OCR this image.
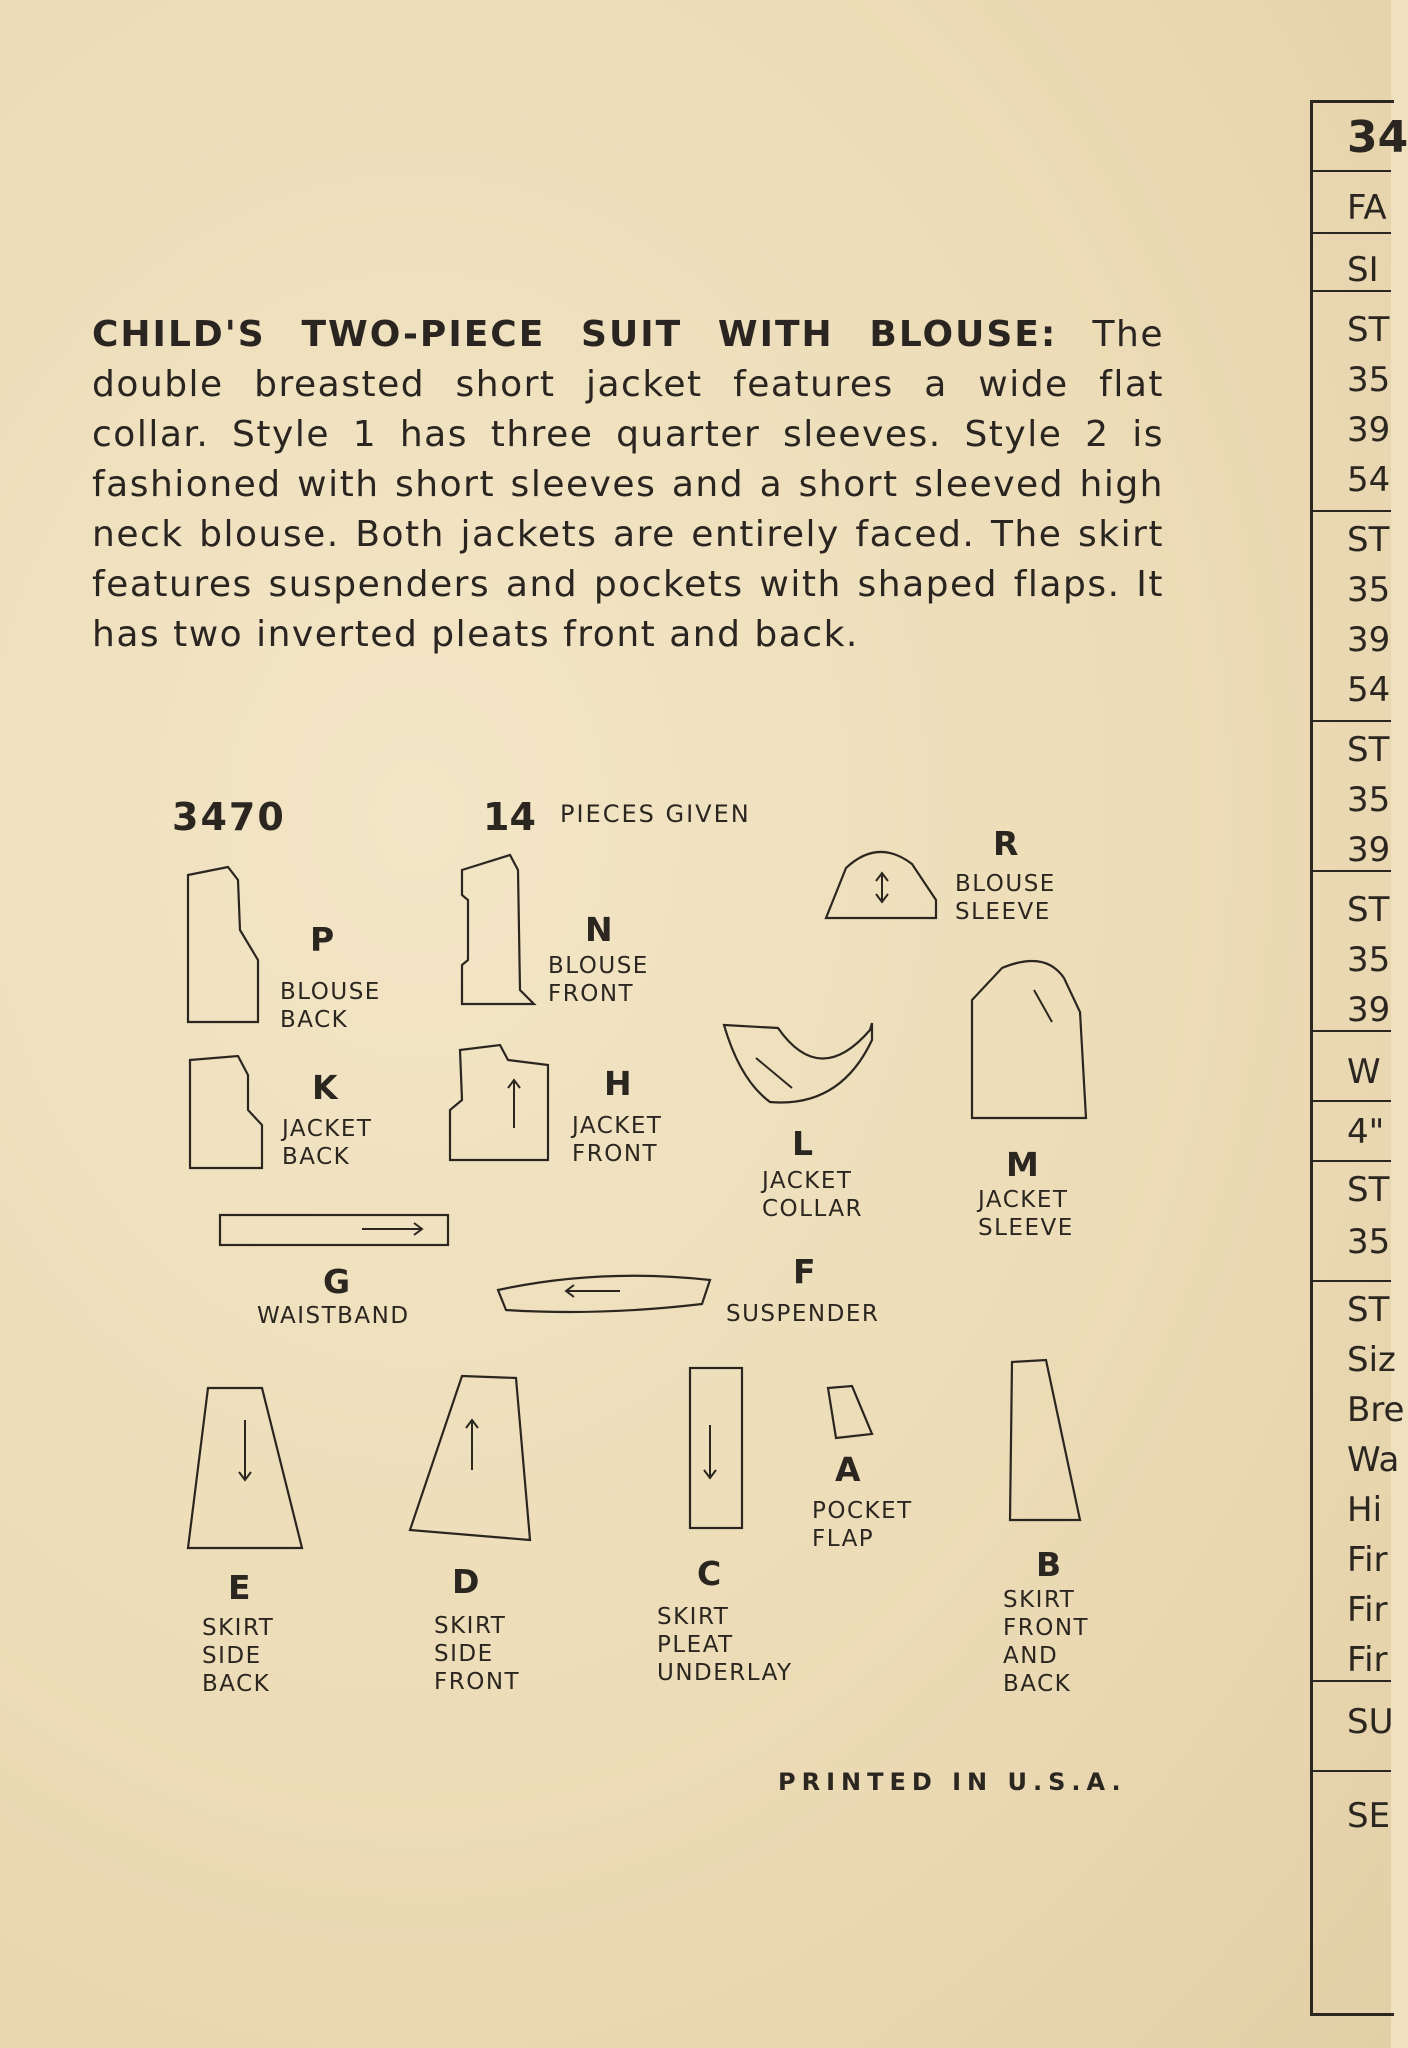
CHILD'S TWO-PIECE SUIT WITH BLOUSE: The double breasted short jacket features a wide flat collar. Style 1 has three quarter sleeves. Style 2 is fashioned with short sleeves and a short sleeved high neck blouse. Both jackets are entirely faced. The skirt features suspenders and pockets with shaped flaps. It has two inverted pleats front and back.
3470	14 PIECES GIVEN
P
BLOUSE
BACK
N
BLOUSE
FRONT
R
BLOUSE
SLEEVE
K
JACKET
BACK
H
JACKET
FRONT	L
JACKET
COLLAR
M
JACKET
SLEEVE
G
WAISTBAND
F
SUSPENDER
E
SKIRT
SIDE
BACK
D
SKIRT
SIDE
FRONT
C
SKIRT
PLEAT
UNDERLAY
A
POCKET
FLAP
B
SKIRT
FRONT
AND
BACK
PRINTED IN U.S.A.
34
FA
SI
ST
35
39
54
ST
35
39
54
ST
35
39
ST
35
39
W
4"
ST
35
ST
Siz
Bre
Wa
Hi
Fir
Fir
Fir
SU
SE
